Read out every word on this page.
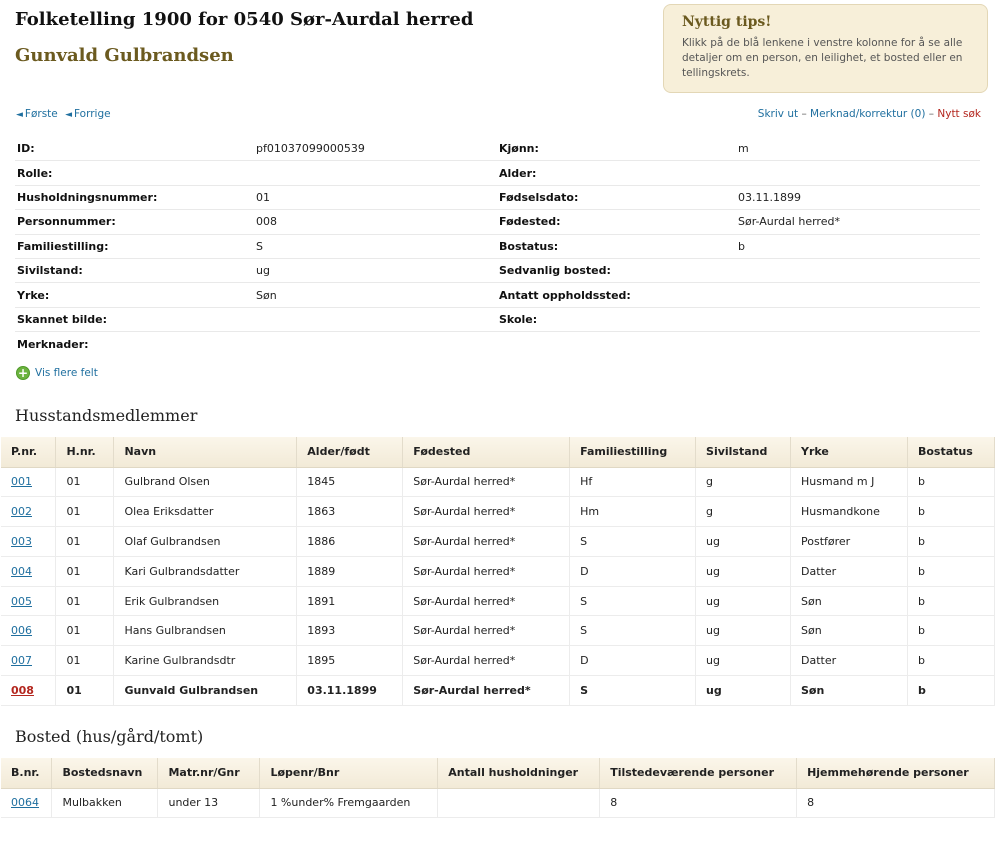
Folketelling 1900 for 0540 Sør-Aurdal herred
Gunvald Gulbrandsen
Nyttig tips!
Klikk på de blå lenkene i venstre kolonne for å se alle detaljer om en person, en leilighet, et bosted eller en tellingskrets.
◄ Første ◄ Forrige	Skriv ut – Merknad/korrektur (0) – Nytt søk
ID:	pf01037099000539	Kjønn:	m
Rolle:	Alder:
Husholdningsnummer:	01	Fødselsdato:	03.11.1899
Personnummer:	008	Fødested:	Sør-Aurdal herred*
Familiestilling:	S	Bostatus:	b
Sivilstand:	ug	Sedvanlig bosted:
Yrke:	Søn	Antatt oppholdssted:
Skannet bilde:	Skole:
Merknader:
+ Vis flere felt
Husstandsmedlemmer
P.nr.	H.nr.	Navn	Alder/født	Fødested	Familiestilling	Sivilstand	Yrke	Bostatus
001	01	Gulbrand Olsen	1845	Sør-Aurdal herred*	Hf	g	Husmand m J	b
002	01	Olea Eriksdatter	1863	Sør-Aurdal herred*	Hm	g	Husmandkone	b
003	01	Olaf Gulbrandsen	1886	Sør-Aurdal herred*	S	ug	Postfører	b
004	01	Kari Gulbrandsdatter	1889	Sør-Aurdal herred*	D	ug	Datter	b
005	01	Erik Gulbrandsen	1891	Sør-Aurdal herred*	S	ug	Søn	b
006	01	Hans Gulbrandsen	1893	Sør-Aurdal herred*	S	ug	Søn	b
007	01	Karine Gulbrandsdtr	1895	Sør-Aurdal herred*	D	ug	Datter	b
008	01	Gunvald Gulbrandsen	03.11.1899	Sør-Aurdal herred*	S	ug	Søn	b
Bosted (hus/gård/tomt)
B.nr.	Bostedsnavn	Matr.nr/Gnr	Løpenr/Bnr	Antall husholdninger	Tilstedeværende personer	Hjemmehørende personer
0064	Mulbakken	under 13	1 %under% Fremgaarden		8	8
